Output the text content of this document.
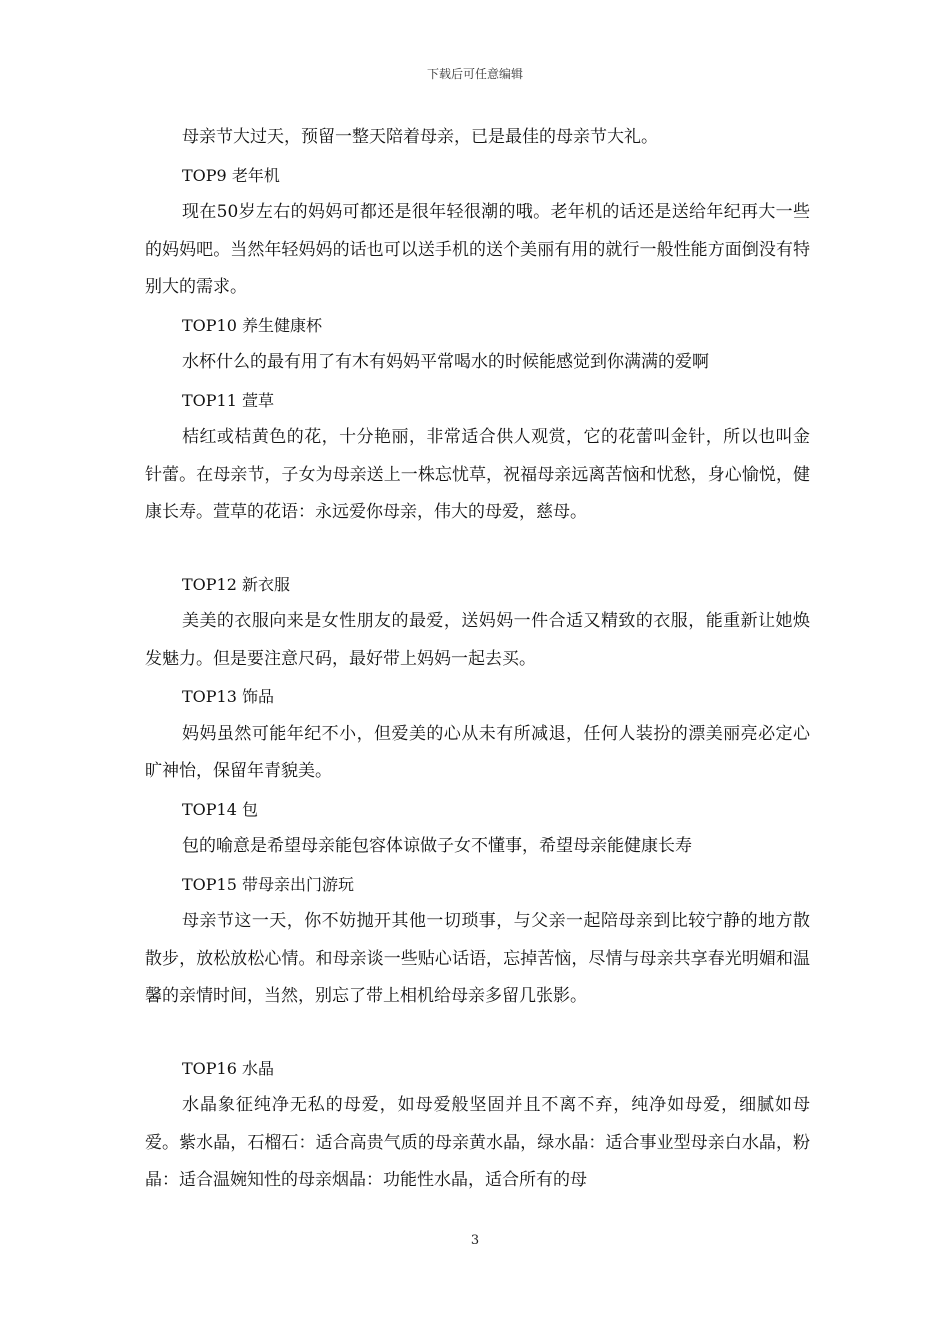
下载后可任意编辑

母亲节大过天，预留一整天陪着母亲，已是最佳的母亲节大礼。

TOP9 老年机

现在50岁左右的妈妈可都还是很年轻很潮的哦。老年机的话还是送给年纪再大一些的妈妈吧。当然年轻妈妈的话也可以送手机的送个美丽有用的就行一般性能方面倒没有特别大的需求。

TOP10 养生健康杯

水杯什么的最有用了有木有妈妈平常喝水的时候能感觉到你满满的爱啊

TOP11 萱草

桔红或桔黄色的花，十分艳丽，非常适合供人观赏，它的花蕾叫金针，所以也叫金针蕾。在母亲节，子女为母亲送上一株忘忧草，祝福母亲远离苦恼和忧愁，身心愉悦，健康长寿。萱草的花语：永远爱你母亲，伟大的母爱，慈母。

TOP12 新衣服

美美的衣服向来是女性朋友的最爱，送妈妈一件合适又精致的衣服，能重新让她焕发魅力。但是要注意尺码，最好带上妈妈一起去买。

TOP13 饰品

妈妈虽然可能年纪不小，但爱美的心从未有所减退，任何人装扮的漂美丽亮必定心旷神怡，保留年青貌美。

TOP14 包

包的喻意是希望母亲能包容体谅做子女不懂事，希望母亲能健康长寿

TOP15 带母亲出门游玩

母亲节这一天，你不妨抛开其他一切琐事，与父亲一起陪母亲到比较宁静的地方散散步，放松放松心情。和母亲谈一些贴心话语，忘掉苦恼，尽情与母亲共享春光明媚和温馨的亲情时间，当然，别忘了带上相机给母亲多留几张影。

TOP16 水晶

水晶象征纯净无私的母爱，如母爱般坚固并且不离不弃，纯净如母爱，细腻如母爱。紫水晶，石榴石：适合高贵气质的母亲黄水晶，绿水晶：适合事业型母亲白水晶，粉晶：适合温婉知性的母亲烟晶：功能性水晶，适合所有的母

3
